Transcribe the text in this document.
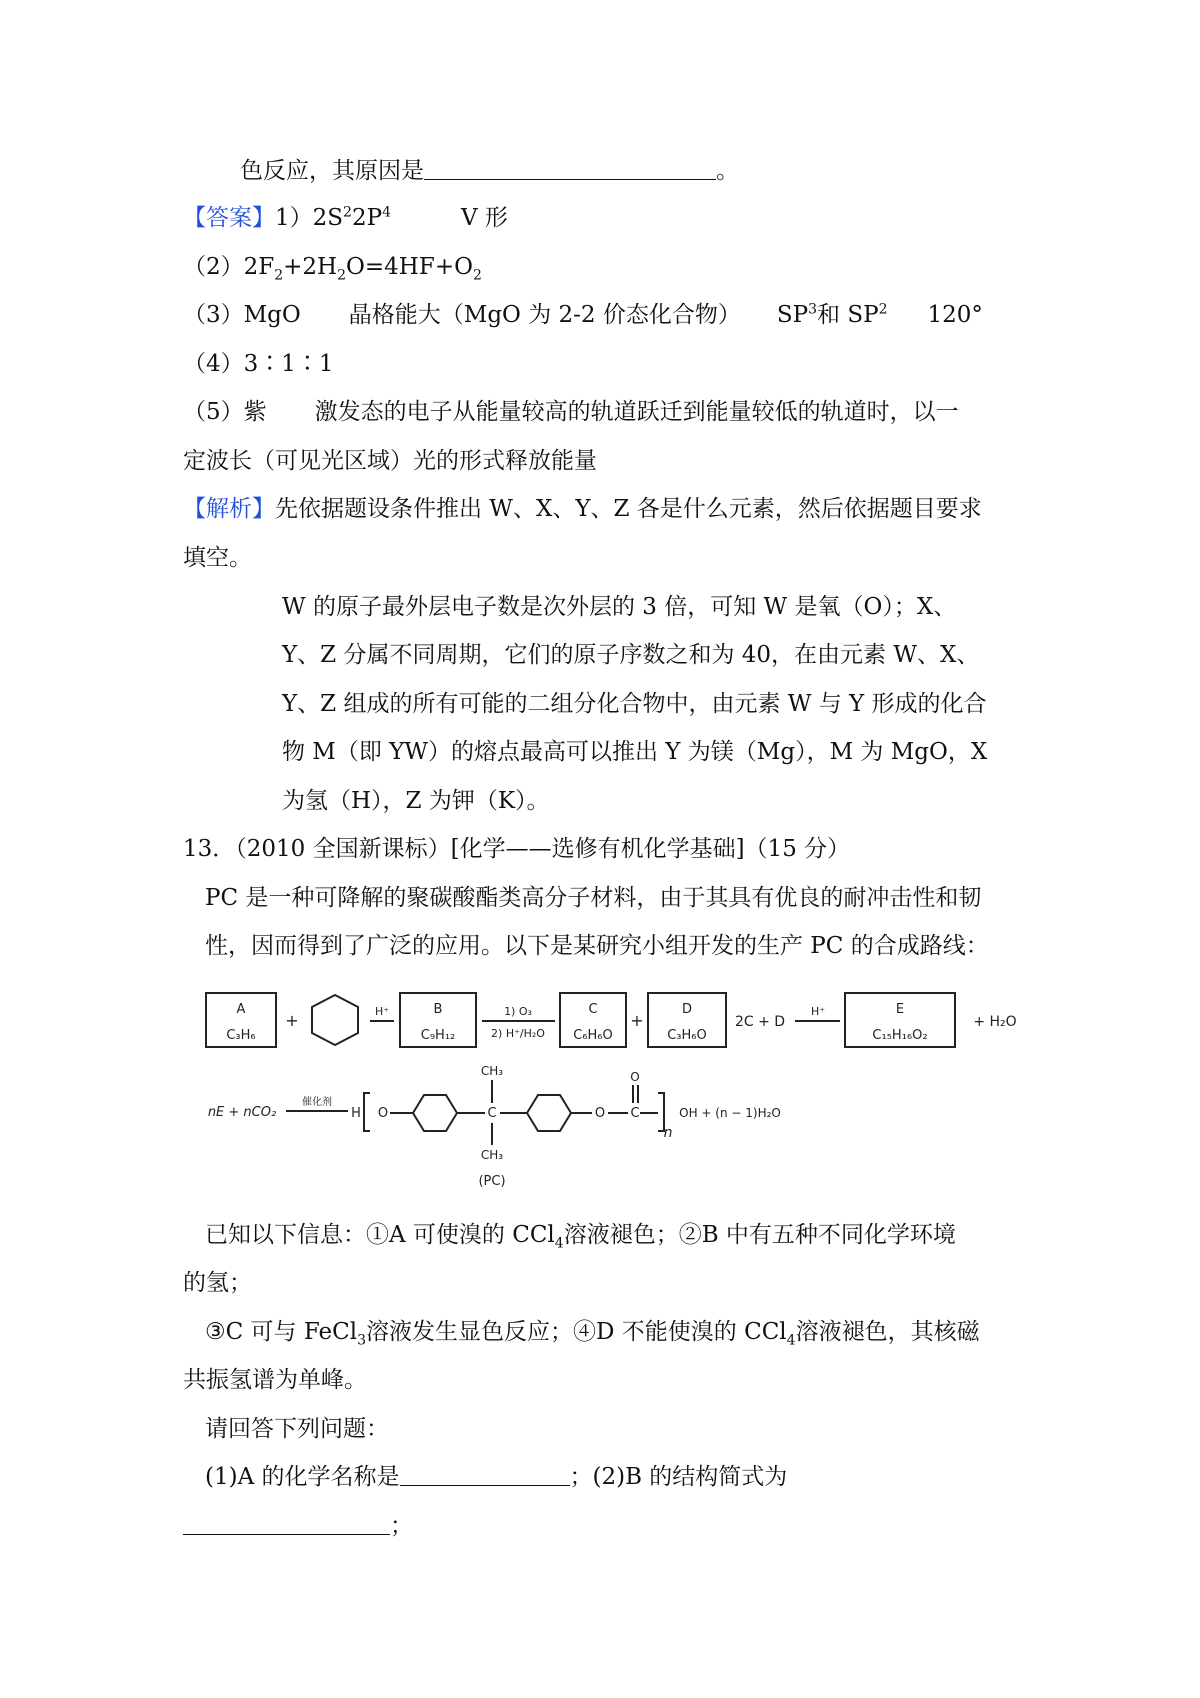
色反应，其原因是	。
【答案】$1)2S^22P^4$	V 形
$(2)2F_2+2H_2O=4HF+O_2$
（3）MgO 晶格能大（MgO 为 2-2 价态化合物） $SP^3$和 $SP^2$ 120°
（4）3∶1∶1
（5）紫 激发态的电子从能量较高的轨道跃迁到能量较低的轨道时，以一
定波长（可见光区域）光的形式释放能量
【解析】先依据题设条件推出 W、X、Y、Z 各是什么元素，然后依据题目要求
填空。
W 的原子最外层电子数是次外层的 3 倍，可知 W 是氧（O）；X、
Y、Z 分属不同周期，它们的原子序数之和为 40，在由元素 W、X、
Y、Z 组成的所有可能的二组分化合物中，由元素 W 与 Y 形成的化合
物 M（即 YW）的熔点最高可以推出 Y 为镁（Mg），M 为 MgO，X
为氢（H），Z 为钾（K）。
13．（2010 全国新课标）[化学——选修有机化学基础]（15 分）
PC 是一种可降解的聚碳酸酯类高分子材料，由于其具有优良的耐冲击性和韧
性，因而得到了广泛的应用。以下是某研究小组开发的生产 PC 的合成路线：
A
C₃H₆
+	H⁺	B
C₉H₁₂
1) O₃
2) H⁺/H₂O
C
C₆H₆O
+
D
C₃H₆O
2C + D
H⁺	E
C₁₅H₁₆O₂
+ H₂O
nE + nCO₂
催化剂
H O
CH₃
C
CH₃
O
O
C	OH + (n − 1)H₂O
n
(PC)
已知以下信息：①A 可使溴的 CCl$_4$溶液褪色；②B 中有五种不同化学环境
的氢；
③C 可与 FeCl$_3$溶液发生显色反应；④D 不能使溴的 CCl$_4$溶液褪色，其核磁
共振氢谱为单峰。
请回答下列问题：
(1)A 的化学名称是	；(2)B 的结构简式为
；
